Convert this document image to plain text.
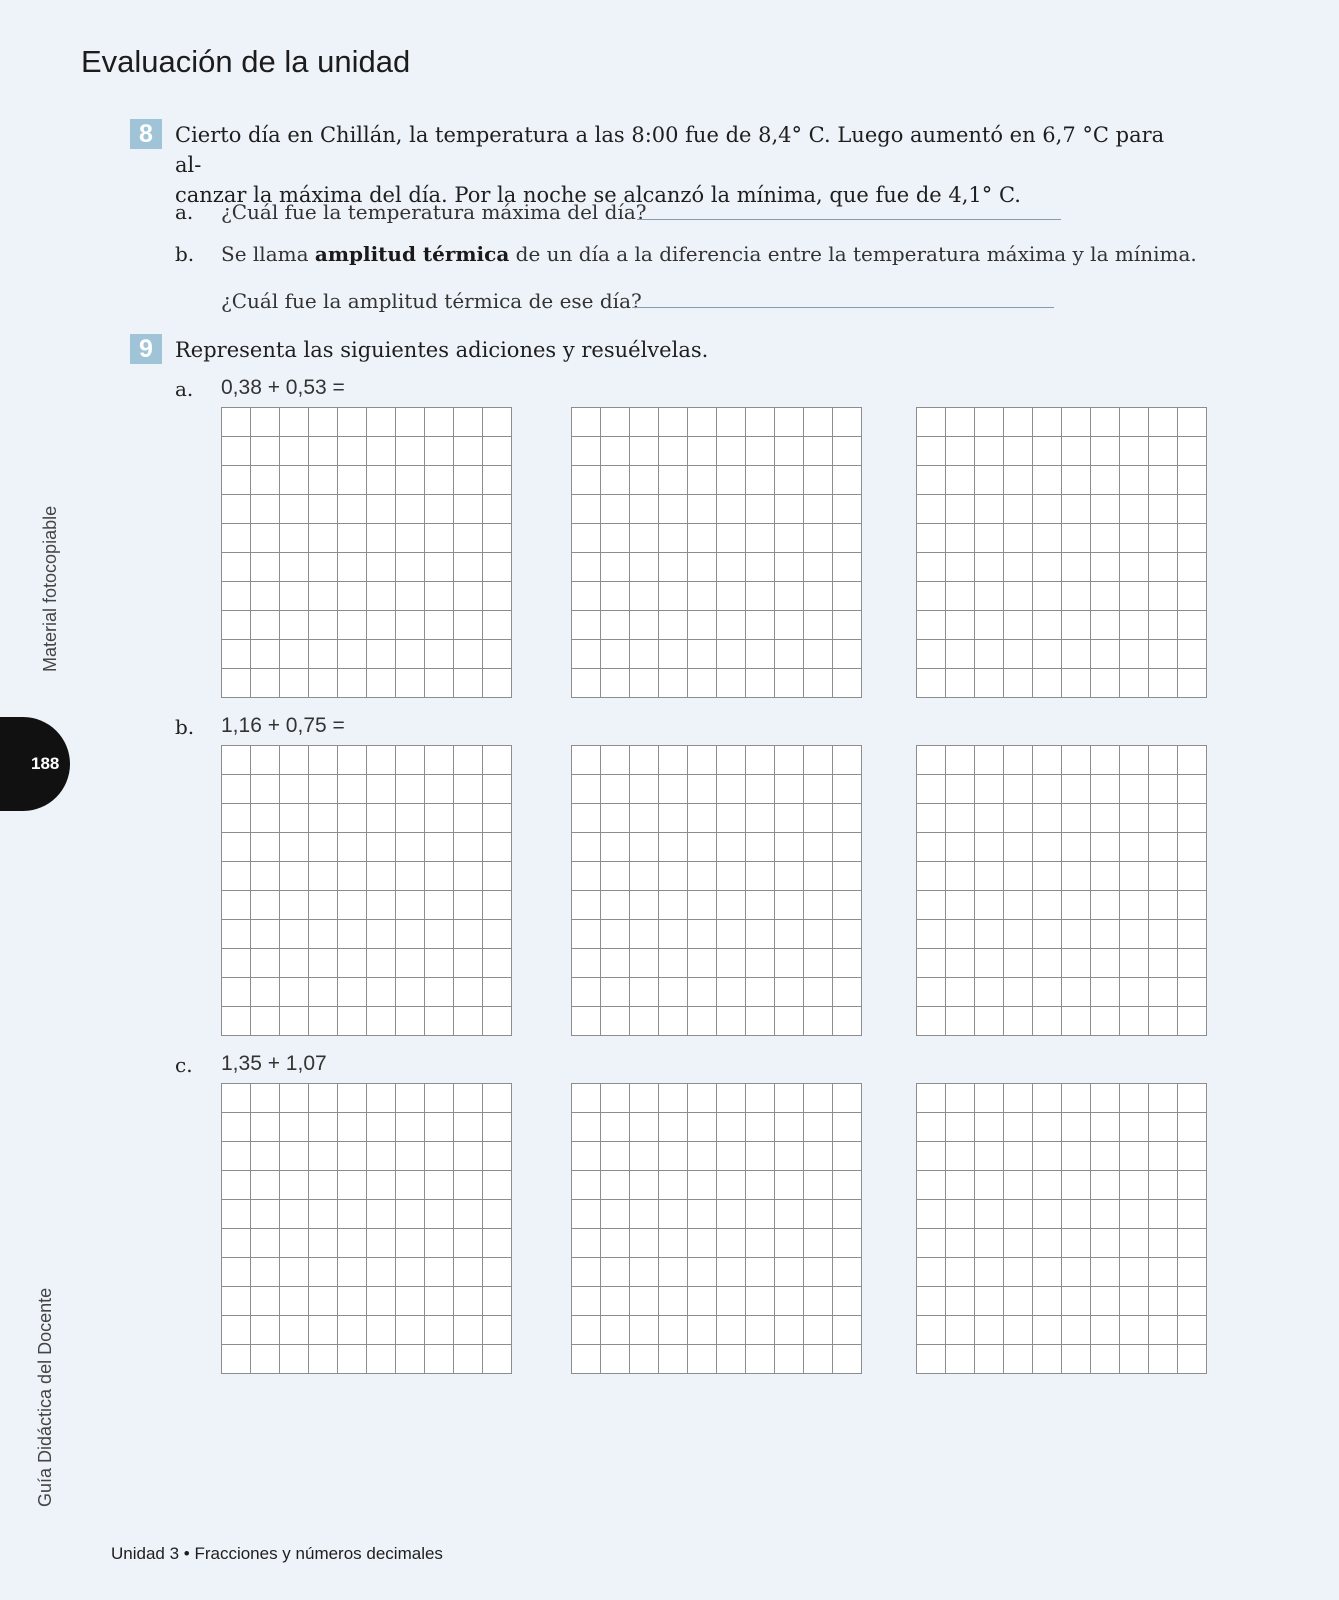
Evaluación de la unidad
Material fotocopiable
188
Guía Didáctica del Docente
8	Cierto día en Chillán, la temperatura a las 8:00 fue de 8,4° C. Luego aumentó en 6,7 °C para al-
canzar la máxima del día. Por la noche se alcanzó la mínima, que fue de 4,1° C.
a. ¿Cuál fue la temperatura máxima del día?
b. Se llama amplitud térmica de un día a la diferencia entre la temperatura máxima y la mínima.
¿Cuál fue la amplitud térmica de ese día?
9	Representa las siguientes adiciones y resuélvelas.
a. 0,38 + 0,53 =
b. 1,16 + 0,75 =
c. 1,35 + 1,07
Unidad 3 • Fracciones y números decimales
